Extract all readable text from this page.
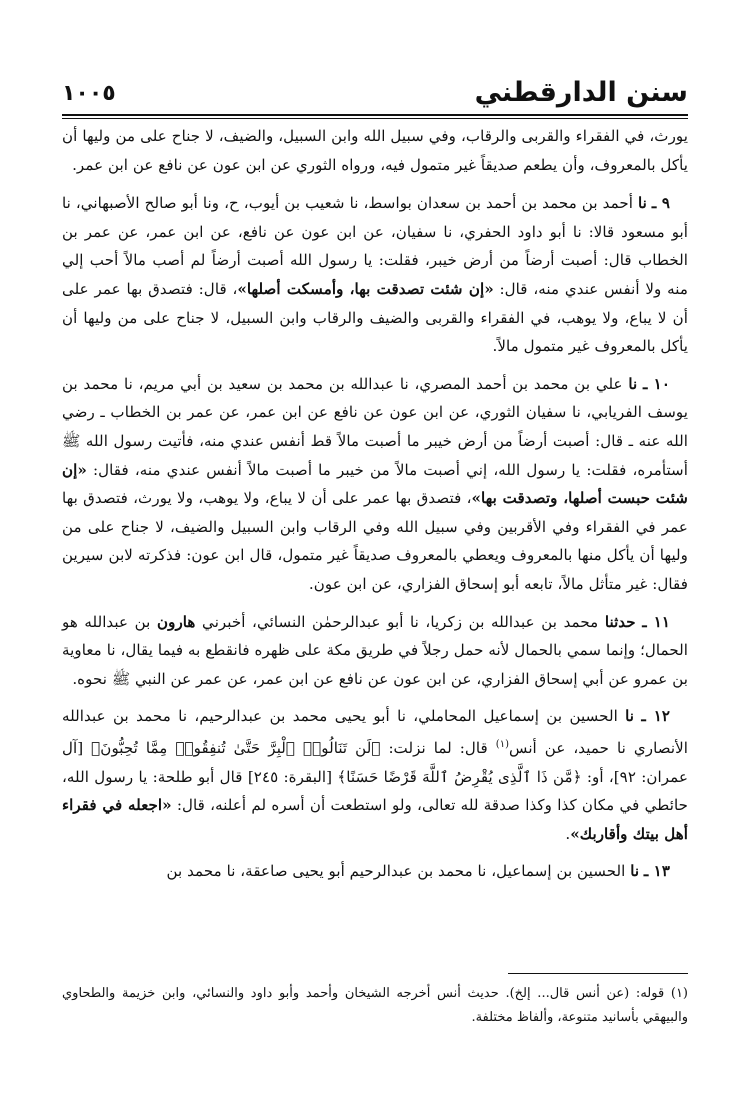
١٠٠٥	سنن الدارقطني

يورث، في الفقراء والقربى والرقاب، وفي سبيل الله وابن السبيل، والضيف، لا جناح على من وليها أن يأكل بالمعروف، وأن يطعم صديقاً غير متمول فيه، ورواه الثوري عن ابن عون عن نافع عن ابن عمر.

٩ ـ نا أحمد بن محمد بن أحمد بن سعدان بواسط، نا شعيب بن أيوب، ح، ونا أبو صالح الأصبهاني، نا أبو مسعود قالا: نا أبو داود الحفري، نا سفيان، عن ابن عون عن نافع، عن ابن عمر، عن عمر بن الخطاب قال: أصبت أرضاً من أرض خيبر، فقلت: يا رسول الله أصبت أرضاً لم أصب مالاً أحب إلي منه ولا أنفس عندي منه، قال: «إن شئت تصدقت بها، وأمسكت أصلها»، قال: فتصدق بها عمر على أن لا يباع، ولا يوهب، في الفقراء والقربى والضيف والرقاب وابن السبيل، لا جناح على من وليها أن يأكل بالمعروف غير متمول مالاً.

١٠ ـ نا علي بن محمد بن أحمد المصري، نا عبدالله بن محمد بن سعيد بن أبي مريم، نا محمد بن يوسف الفريابي، نا سفيان الثوري، عن ابن عون عن نافع عن ابن عمر، عن عمر بن الخطاب ـ رضي الله عنه ـ قال: أصبت أرضاً من أرض خيبر ما أصبت مالاً قط أنفس عندي منه، فأتيت رسول الله ﷺ أستأمره، فقلت: يا رسول الله، إني أصبت مالاً من خيبر ما أصبت مالاً أنفس عندي منه، فقال: «إن شئت حبست أصلها، وتصدقت بها»، فتصدق بها عمر على أن لا يباع، ولا يوهب، ولا يورث، فتصدق بها عمر في الفقراء وفي الأقربين وفي سبيل الله وفي الرقاب وابن السبيل والضيف، لا جناح على من وليها أن يأكل منها بالمعروف ويعطي بالمعروف صديقاً غير متمول، قال ابن عون: فذكرته لابن سيرين فقال: غير متأثل مالاً، تابعه أبو إسحاق الفزاري، عن ابن عون.

١١ ـ حدثنا محمد بن عبدالله بن زكريا، نا أبو عبدالرحمٰن النسائي، أخبرني هارون بن عبدالله هو الحمال؛ وإنما سمي بالحمال لأنه حمل رجلاً في طريق مكة على ظهره فانقطع به فيما يقال، نا معاوية بن عمرو عن أبي إسحاق الفزاري، عن ابن عون عن نافع عن ابن عمر، عن عمر عن النبي ﷺ نحوه.

١٢ ـ نا الحسين بن إسماعيل المحاملي، نا أبو يحيى محمد بن عبدالرحيم، نا محمد بن عبدالله الأنصاري نا حميد، عن أنس$^{(١)}$ قال: لما نزلت: ﴿لَن تَنَالُوا۟ ٱلْبِرَّ حَتَّىٰ تُنفِقُوا۟ مِمَّا تُحِبُّونَ﴾ [آل عمران: ٩٢]، أو: ﴿مَّن ذَا ٱلَّذِى يُقْرِضُ ٱللَّهَ قَرْضًا حَسَنًا﴾ [البقرة: ٢٤٥] قال أبو طلحة: يا رسول الله، حائطي في مكان كذا وكذا صدقة لله تعالى، ولو استطعت أن أسره لم أعلنه، قال: «اجعله في فقراء أهل بيتك وأقاربك».

١٣ ـ نا الحسين بن إسماعيل، نا محمد بن عبدالرحيم أبو يحيى صاعقة، نا محمد بن

(١) قوله: (عن أنس قال... إلخ). حديث أنس أخرجه الشيخان وأحمد وأبو داود والنسائي، وابن خزيمة والطحاوي والبيهقي بأسانيد متنوعة، وألفاظ مختلفة.
